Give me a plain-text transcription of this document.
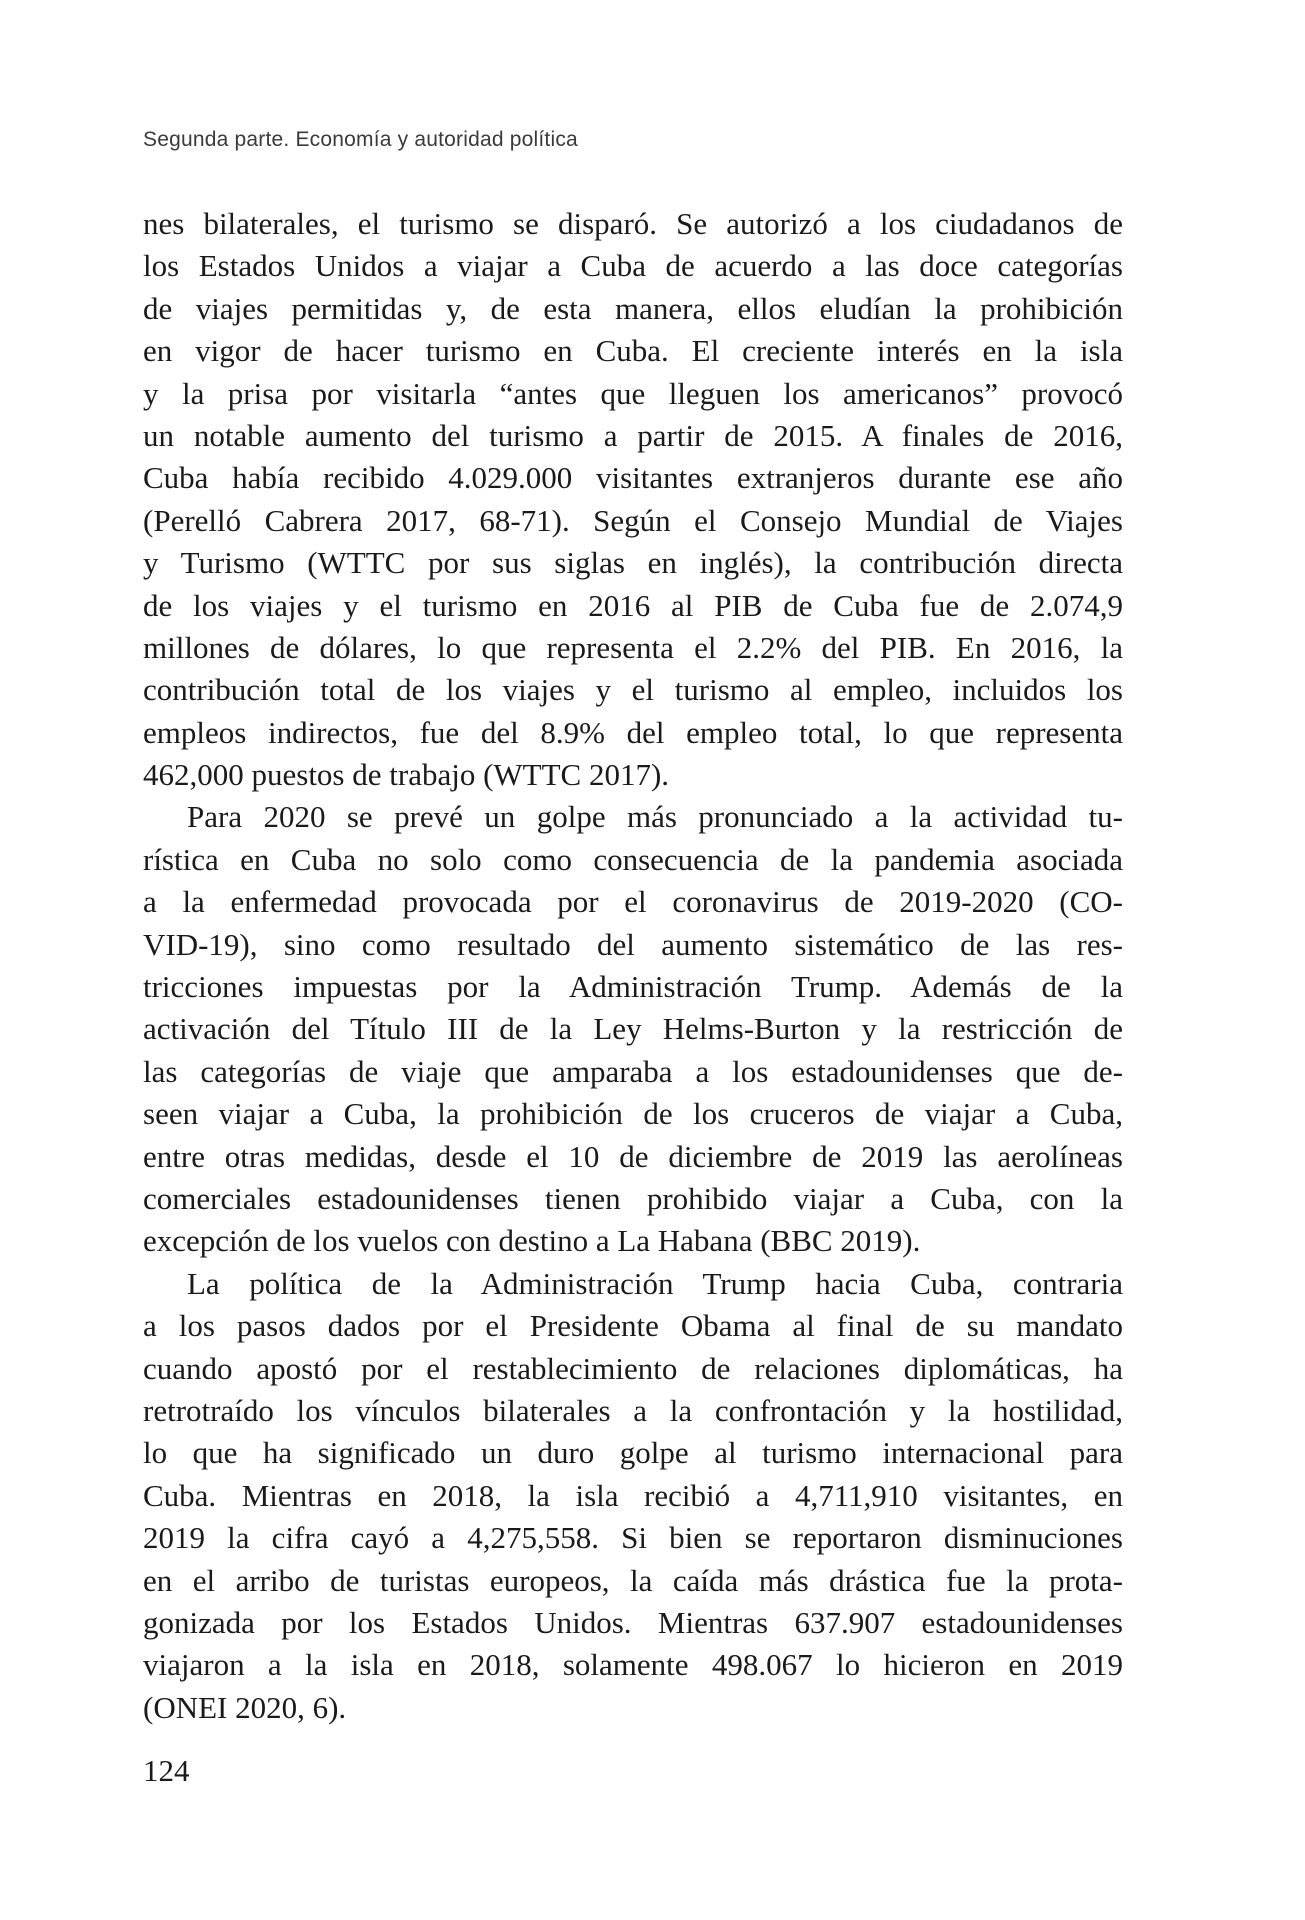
Segunda parte. Economía y autoridad política

nes bilaterales, el turismo se disparó. Se autorizó a los ciudadanos de
los Estados Unidos a viajar a Cuba de acuerdo a las doce categorías
de viajes permitidas y, de esta manera, ellos eludían la prohibición
en vigor de hacer turismo en Cuba. El creciente interés en la isla
y la prisa por visitarla “antes que lleguen los americanos” provocó
un notable aumento del turismo a partir de 2015. A finales de 2016,
Cuba había recibido 4.029.000 visitantes extranjeros durante ese año
(Perelló Cabrera 2017, 68-71). Según el Consejo Mundial de Viajes
y Turismo (WTTC por sus siglas en inglés), la contribución directa
de los viajes y el turismo en 2016 al PIB de Cuba fue de 2.074,9
millones de dólares, lo que representa el 2.2% del PIB. En 2016, la
contribución total de los viajes y el turismo al empleo, incluidos los
empleos indirectos, fue del 8.9% del empleo total, lo que representa
462,000 puestos de trabajo (WTTC 2017).

Para 2020 se prevé un golpe más pronunciado a la actividad tu-
rística en Cuba no solo como consecuencia de la pandemia asociada
a la enfermedad provocada por el coronavirus de 2019-2020 (CO-
VID-19), sino como resultado del aumento sistemático de las res-
tricciones impuestas por la Administración Trump. Además de la
activación del Título III de la Ley Helms-Burton y la restricción de
las categorías de viaje que amparaba a los estadounidenses que de-
seen viajar a Cuba, la prohibición de los cruceros de viajar a Cuba,
entre otras medidas, desde el 10 de diciembre de 2019 las aerolíneas
comerciales estadounidenses tienen prohibido viajar a Cuba, con la
excepción de los vuelos con destino a La Habana (BBC 2019).

La política de la Administración Trump hacia Cuba, contraria
a los pasos dados por el Presidente Obama al final de su mandato
cuando apostó por el restablecimiento de relaciones diplomáticas, ha
retrotraído los vínculos bilaterales a la confrontación y la hostilidad,
lo que ha significado un duro golpe al turismo internacional para
Cuba. Mientras en 2018, la isla recibió a 4,711,910 visitantes, en
2019 la cifra cayó a 4,275,558. Si bien se reportaron disminuciones
en el arribo de turistas europeos, la caída más drástica fue la prota-
gonizada por los Estados Unidos. Mientras 637.907 estadounidenses
viajaron a la isla en 2018, solamente 498.067 lo hicieron en 2019
(ONEI 2020, 6).

124
